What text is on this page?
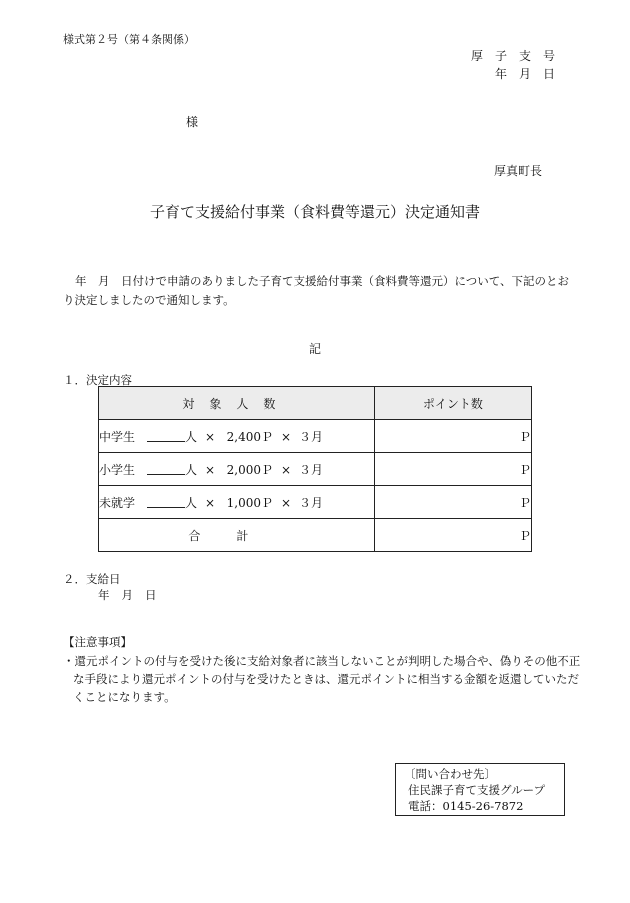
様式第２号（第４条関係）
厚子支号
年月日
様
厚真町長
子育て支援給付事業（食料費等還元）決定通知書
年　月　日付けで申請のありました子育て支援給付事業（食料費等還元）について、下記のとおり決定しましたので通知します。
記
１．決定内容
対象人数	ポイント数
中学生 人 × 2,400Ｐ × ３月	Ｐ
小学生 人 × 2,000Ｐ × ３月	Ｐ
未就学 人 × 1,000Ｐ × ３月	Ｐ
合計	Ｐ
２．支給日
年月日
【注意事項】
・還元ポイントの付与を受けた後に支給対象者に該当しないことが判明した場合や、偽りその他不正な手段により還元ポイントの付与を受けたときは、還元ポイントに相当する金額を返還していただくことになります。
〔問い合わせ先〕
住民課子育て支援グループ
電話：0145-26-7872
